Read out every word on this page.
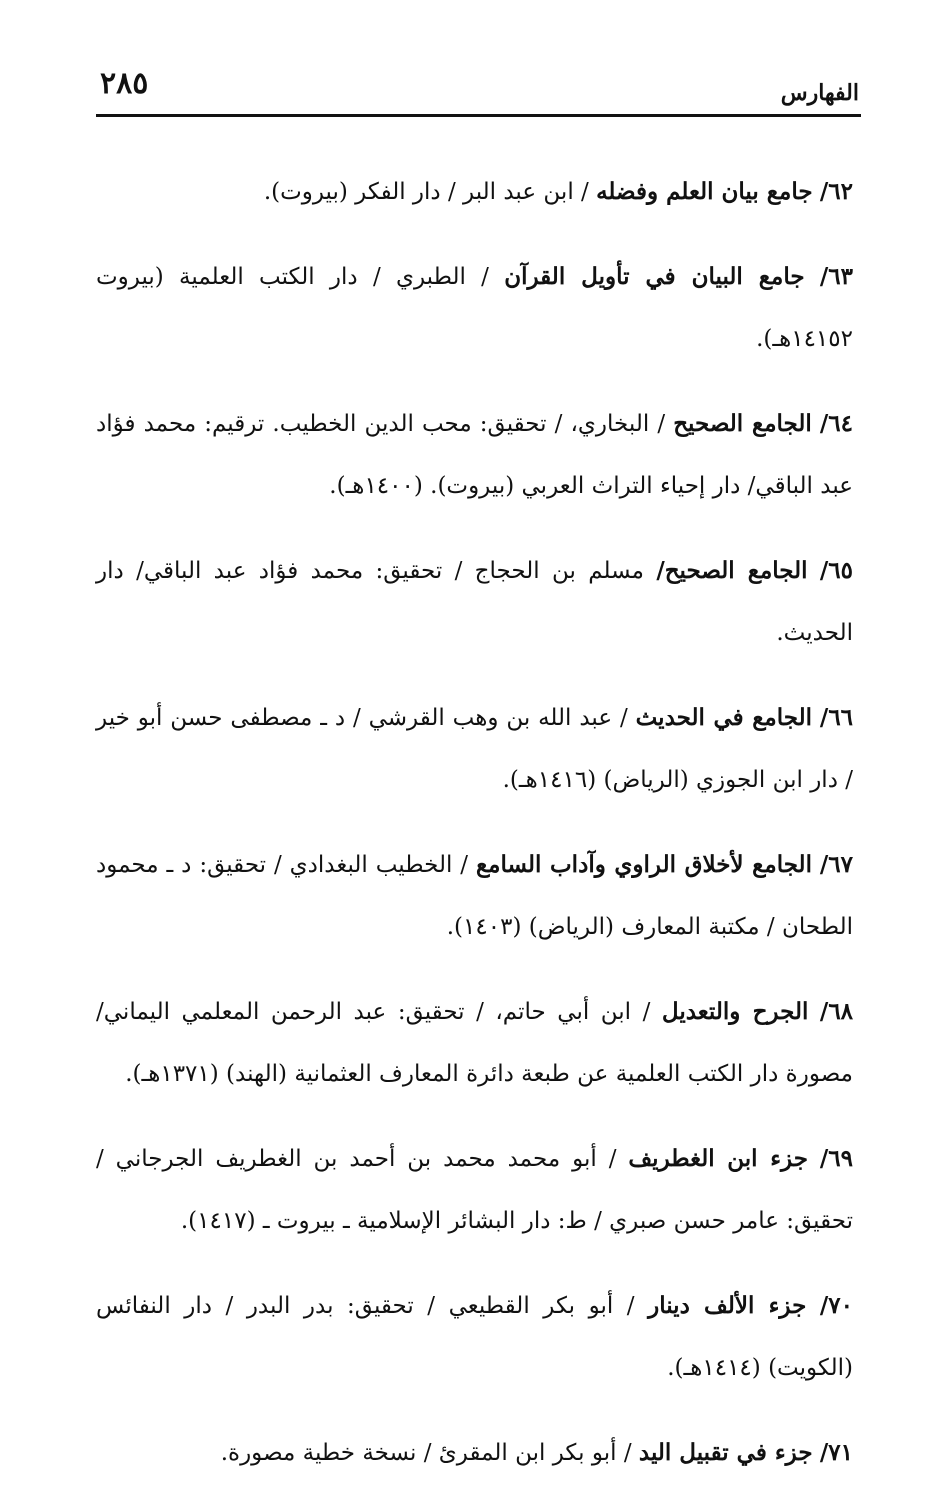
الفهارس
٢٨٥

٦٢/ جامع بيان العلم وفضله / ابن عبد البر / دار الفكر (بيروت).

٦٣/ جامع البيان في تأويل القرآن / الطبري / دار الكتب العلمية (بيروت ١٤١٥٢هـ).

٦٤/ الجامع الصحيح / البخاري، / تحقيق: محب الدين الخطيب. ترقيم: محمد فؤاد عبد الباقي/ دار إحياء التراث العربي (بيروت). (١٤٠٠هـ).

٦٥/ الجامع الصحيح/ مسلم بن الحجاج / تحقيق: محمد فؤاد عبد الباقي/ دار الحديث.

٦٦/ الجامع في الحديث / عبد الله بن وهب القرشي / د ـ مصطفى حسن أبو خير / دار ابن الجوزي (الرياض) (١٤١٦هـ).

٦٧/ الجامع لأخلاق الراوي وآداب السامع / الخطيب البغدادي / تحقيق: د ـ محمود الطحان / مكتبة المعارف (الرياض) (١٤٠٣).

٦٨/ الجرح والتعديل / ابن أبي حاتم، / تحقيق: عبد الرحمن المعلمي اليماني/ مصورة دار الكتب العلمية عن طبعة دائرة المعارف العثمانية (الهند) (١٣٧١هـ).

٦٩/ جزء ابن الغطريف / أبو محمد محمد بن أحمد بن الغطريف الجرجاني / تحقيق: عامر حسن صبري / ط: دار البشائر الإسلامية ـ بيروت ـ (١٤١٧).

٧٠/ جزء الألف دينار / أبو بكر القطيعي / تحقيق: بدر البدر / دار النفائس (الكويت) (١٤١٤هـ).

٧١/ جزء في تقبيل اليد / أبو بكر ابن المقرئ / نسخة خطية مصورة.
